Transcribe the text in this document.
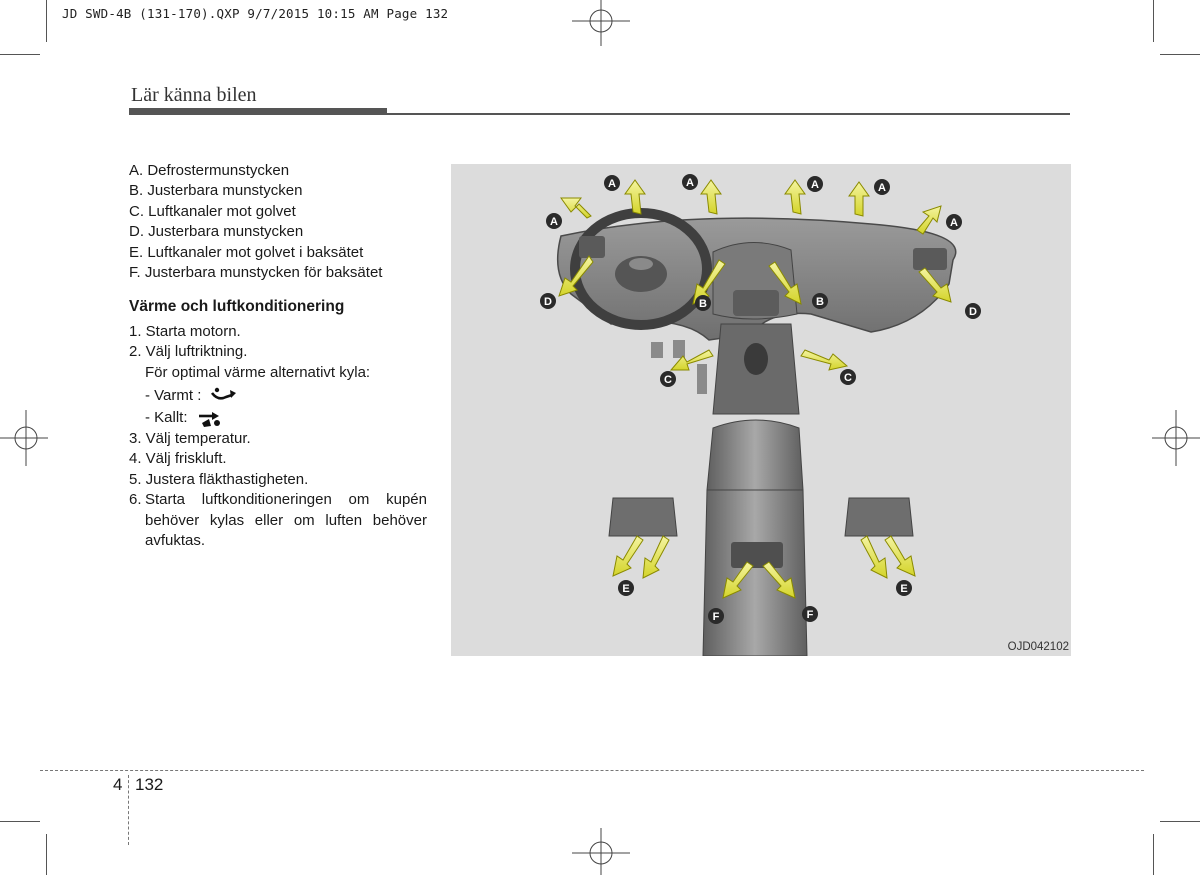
JD SWD-4B (131-170).QXP 9/7/2015 10:15 AM Page 132
Lär känna bilen
A. Defrostermunstycken
B. Justerbara munstycken
C. Luftkanaler mot golvet
D. Justerbara munstycken
E. Luftkanaler mot golvet i baksätet
F. Justerbara munstycken för baksätet
Värme och luftkonditionering
1. Starta motorn.
2. Välj luftriktning.
För optimal värme alternativt kyla:
- Varmt :
- Kallt:
3. Välj temperatur.
4. Välj friskluft.
5. Justera fläkthastigheten.
6. Starta luftkonditioneringen om kupén behöver kylas eller om luften behöver avfuktas.
A
A	A	A	A
A
B	B
C	C
D
D
E	E
F	F
OJD042102
4 132
